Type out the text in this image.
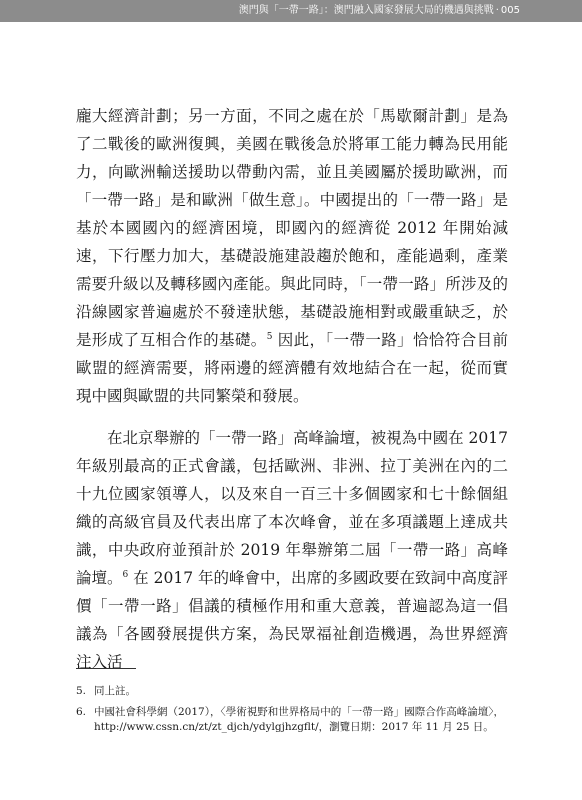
澳門與「一帶一路」：澳門融入國家發展大局的機遇與挑戰 · 005

龐大經濟計劃；另一方面，不同之處在於「馬歇爾計劃」是為了二戰後的歐洲復興，美國在戰後急於將軍工能力轉為民用能力，向歐洲輸送援助以帶動內需，並且美國屬於援助歐洲，而「一帶一路」是和歐洲「做生意」。中國提出的「一帶一路」是基於本國國內的經濟困境，即國內的經濟從 2012 年開始減速，下行壓力加大，基礎設施建設趨於飽和，產能過剩，產業需要升級以及轉移國內產能。與此同時，「一帶一路」所涉及的沿線國家普遍處於不發達狀態，基礎設施相對或嚴重缺乏，於是形成了互相合作的基礎。$^5$ 因此，「一帶一路」恰恰符合目前歐盟的經濟需要，將兩邊的經濟體有效地結合在一起，從而實現中國與歐盟的共同繁榮和發展。

在北京舉辦的「一帶一路」高峰論壇，被視為中國在 2017 年級別最高的正式會議，包括歐洲、非洲、拉丁美洲在內的二十九位國家領導人，以及來自一百三十多個國家和七十餘個組織的高級官員及代表出席了本次峰會，並在多項議題上達成共識，中央政府並預計於 2019 年舉辦第二屆「一帶一路」高峰論壇。$^6$ 在 2017 年的峰會中，出席的多國政要在致詞中高度評價「一帶一路」倡議的積極作用和重大意義，普遍認為這一倡議為「各國發展提供方案，為民眾福祉創造機遇，為世界經濟注入活

5. 同上註。
6. 中國社會科學網（2017），〈學術視野和世界格局中的「一帶一路」國際合作高峰論壇〉，http://www.cssn.cn/zt/zt_djch/ydylgjhzgflt/，瀏覽日期：2017 年 11 月 25 日。
